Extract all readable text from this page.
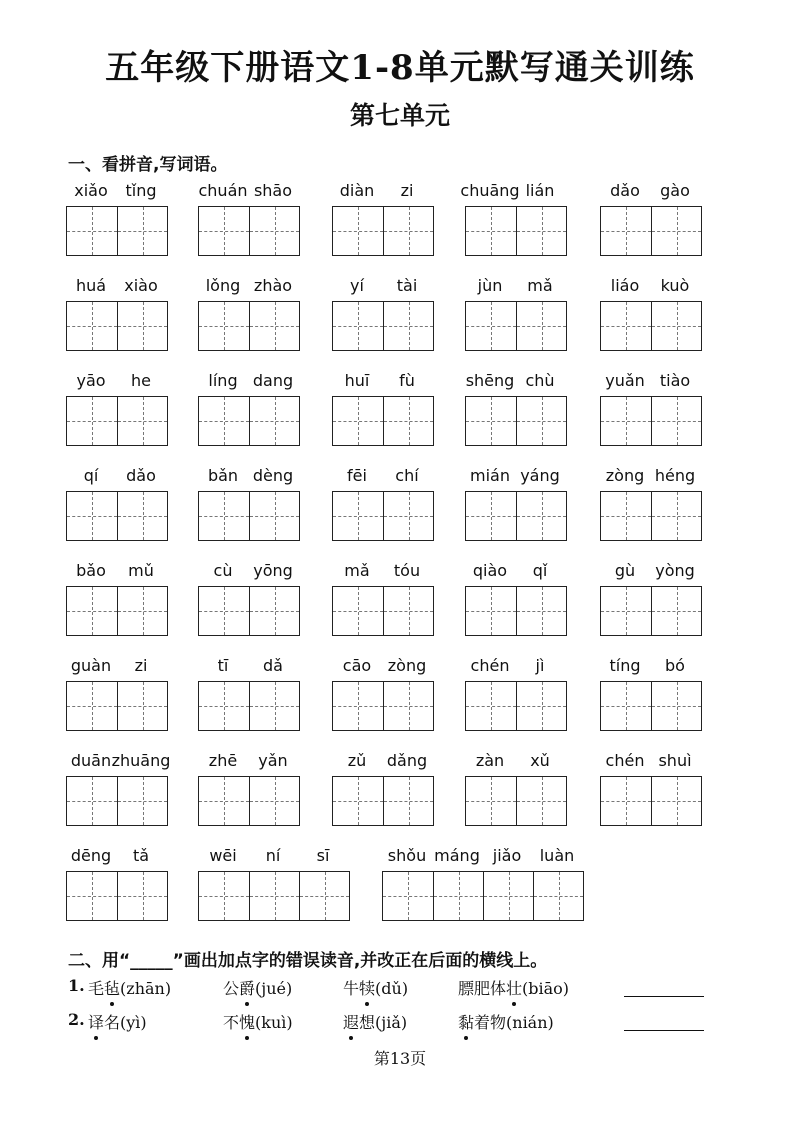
五年级下册语文1-8单元默写通关训练
第七单元
一、看拼音,写词语。
xiǎo	tǐng	chuán shāo	diàn	zi	chuāng lián	dǎo	gào
huá	xiào	lǒng zhào	yí	tài	jùn	mǎ	liáo	kuò
yāo	he	líng dang	huī	fù	shēng chù	yuǎn tiào
qí	dǎo	bǎn dèng	fēi	chí	mián yáng	zòng héng
bǎo	mǔ	cù	yōng	mǎ	tóu	qiào	qǐ	gù	yòng
guàn	zi	tī	dǎ	cāo	zòng	chén	jì	tíng	bó
duān zhuāng	zhē	yǎn	zǔ	dǎng	zàn	xǔ	chén shuì
dēng	tǎ	wēi	ní	sī	shǒu máng jiǎo	luàn
二、用“_____”画出加点字的错误读音,并改正在后面的横线上。
1. 毛毡(zhān)	公爵(jué)	牛犊(dǔ)	膘肥体壮(biāo)
2. 译名(yì)	不愧(kuì)	遐想(jiǎ)	黏着物(nián)
第13页
